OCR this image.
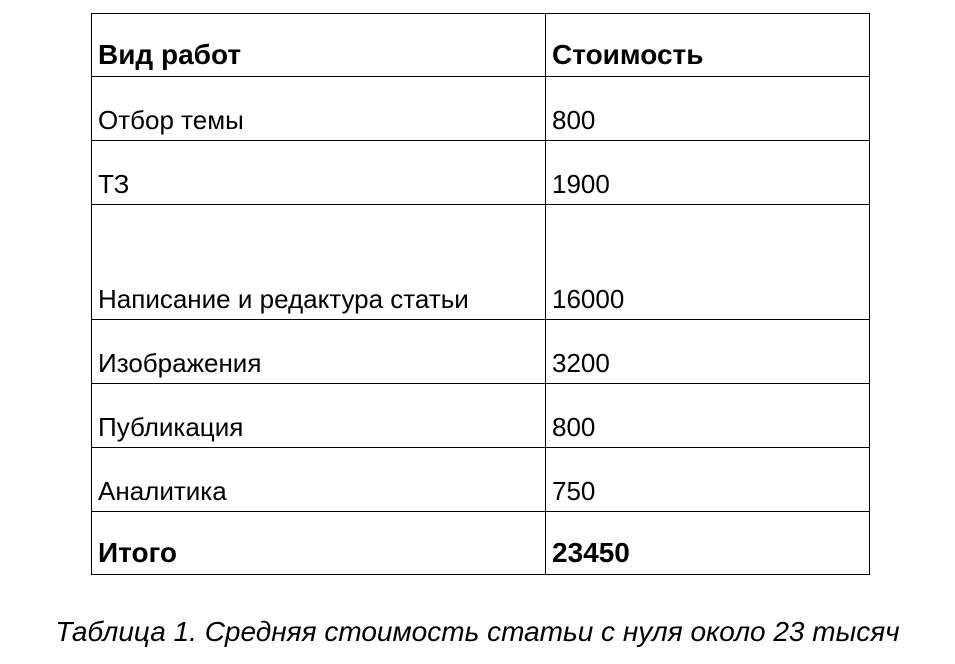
Вид работ	Стоимость
Отбор темы	800
ТЗ	1900
Написание и редактура статьи	16000
Изображения	3200
Публикация	800
Аналитика	750
Итого	23450
Таблица 1. Средняя стоимость статьи с нуля около 23 тысяч
